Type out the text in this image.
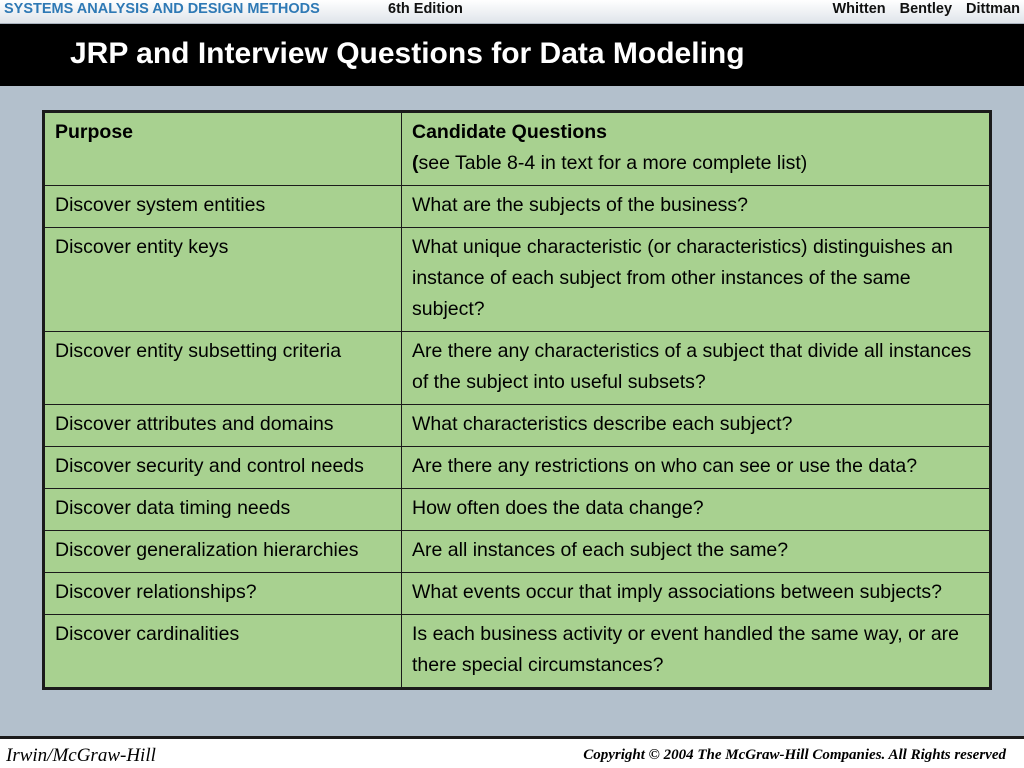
SYSTEMS ANALYSIS AND DESIGN METHODS	6th Edition	Whitten Bentley Dittman
JRP and Interview Questions for Data Modeling
Purpose	Candidate Questions
(see Table 8-4 in text for a more complete list)

Discover system entities	What are the subjects of the business?
Discover entity keys	What unique characteristic (or characteristics) distinguishes an instance of each subject from other instances of the same subject?
Discover entity subsetting criteria	Are there any characteristics of a subject that divide all instances of the subject into useful subsets?
Discover attributes and domains	What characteristics describe each subject?
Discover security and control needs	Are there any restrictions on who can see or use the data?
Discover data timing needs	How often does the data change?
Discover generalization hierarchies	Are all instances of each subject the same?
Discover relationships?	What events occur that imply associations between subjects?
Discover cardinalities	Is each business activity or event handled the same way, or are there special circumstances?
Irwin/McGraw-Hill	Copyright © 2004 The McGraw-Hill Companies. All Rights reserved
